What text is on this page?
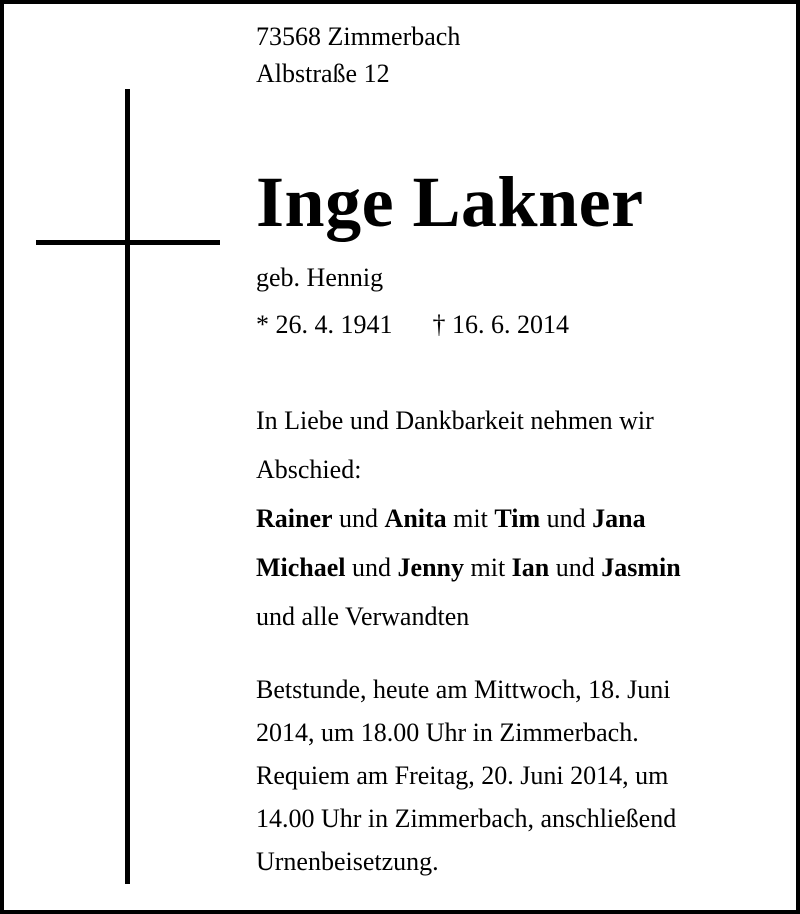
73568 Zimmerbach
Albstraße 12
Inge Lakner
geb. Hennig
* 26. 4. 1941 † 16. 6. 2014
In Liebe und Dankbarkeit nehmen wir
Abschied:
Rainer und Anita mit Tim und Jana
Michael und Jenny mit Ian und Jasmin
und alle Verwandten
Betstunde, heute am Mittwoch, 18. Juni
2014, um 18.00 Uhr in Zimmerbach.
Requiem am Freitag, 20. Juni 2014, um
14.00 Uhr in Zimmerbach, anschließend
Urnenbeisetzung.
